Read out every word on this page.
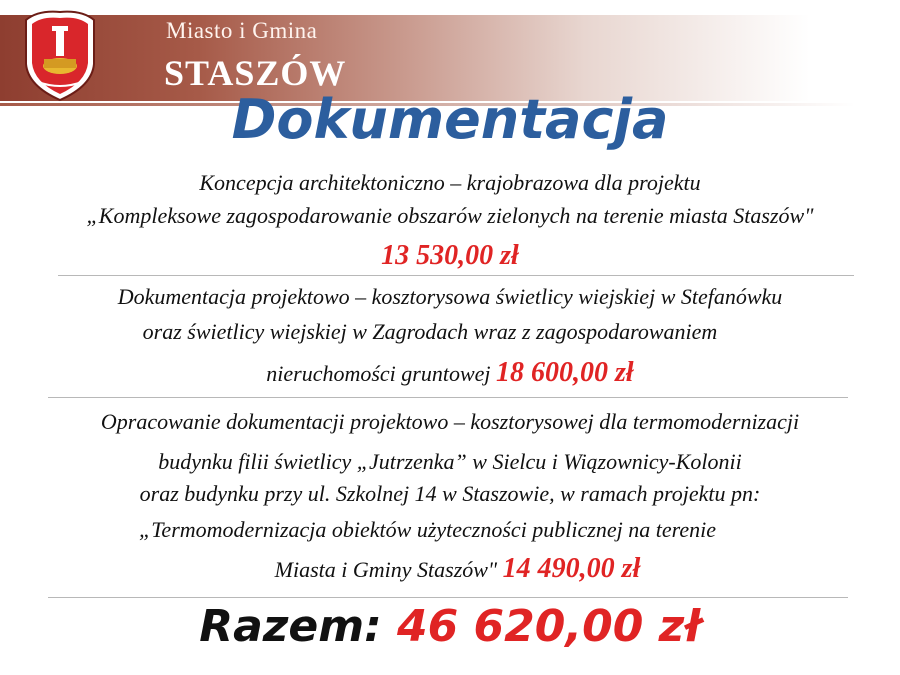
Miasto i Gmina
STASZÓW
Dokumentacja
Koncepcja architektoniczno – krajobrazowa dla projektu
„Kompleksowe zagospodarowanie obszarów zielonych na terenie miasta Staszów"
13 530,00 zł
Dokumentacja projektowo – kosztorysowa świetlicy wiejskiej w Stefanówku
oraz świetlicy wiejskiej w Zagrodach wraz z zagospodarowaniem
nieruchomości gruntowej 18 600,00 zł
Opracowanie dokumentacji projektowo – kosztorysowej dla termomodernizacji
budynku filii świetlicy „Jutrzenka” w Sielcu i Wiązownicy-Kolonii
oraz budynku przy ul. Szkolnej 14 w Staszowie, w ramach projektu pn:
„Termomodernizacja obiektów użyteczności publicznej na terenie
Miasta i Gminy Staszów" 14 490,00 zł
Razem: 46 620,00 zł
